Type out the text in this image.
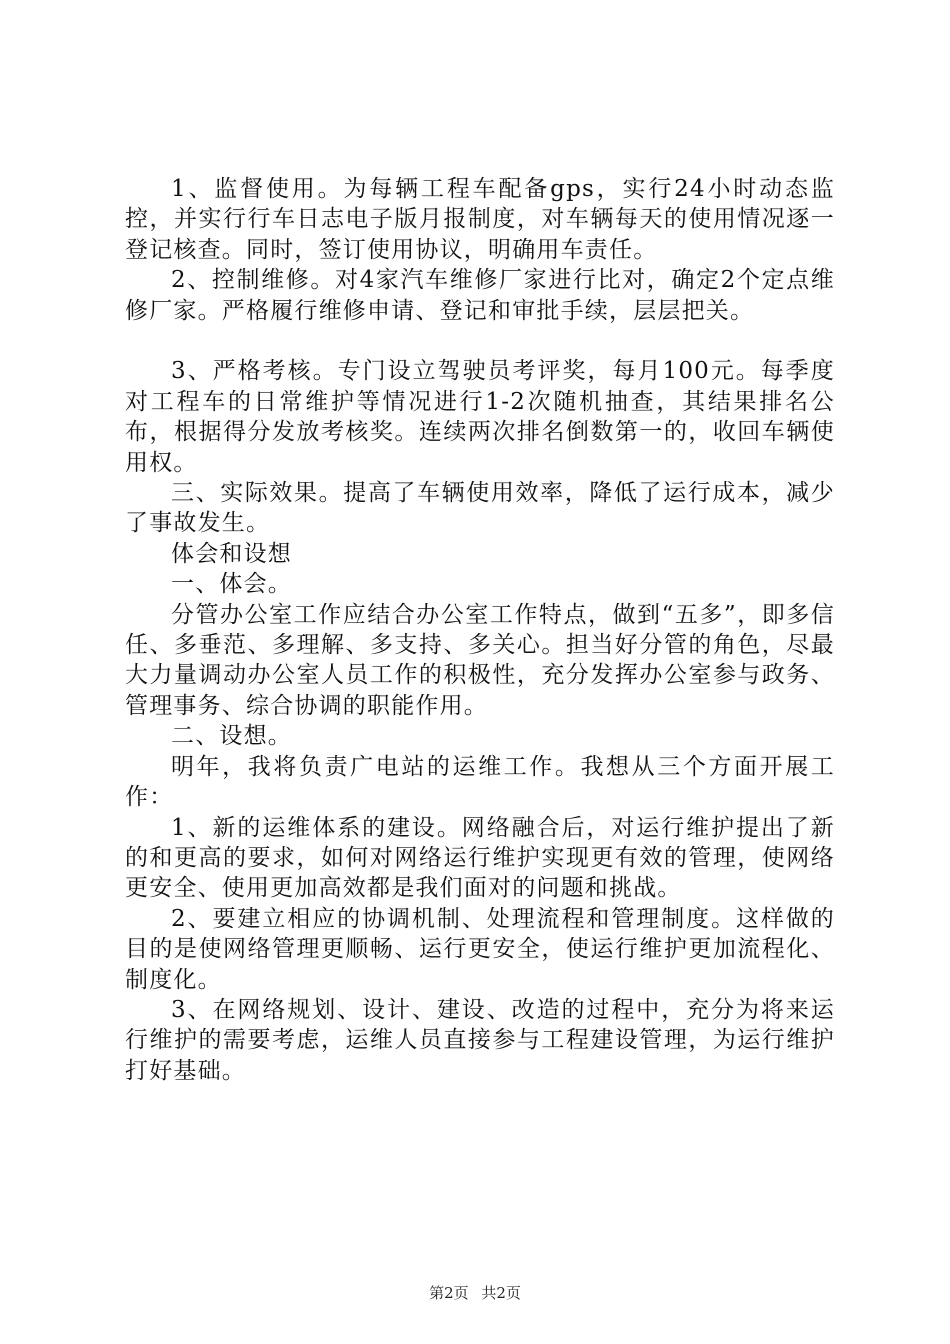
1、监督使用。为每辆工程车配备gps，实行24小时动态监控，并实行行车日志电子版月报制度，对车辆每天的使用情况逐一登记核查。同时，签订使用协议，明确用车责任。

2、控制维修。对4家汽车维修厂家进行比对，确定2个定点维修厂家。严格履行维修申请、登记和审批手续，层层把关。

3、严格考核。专门设立驾驶员考评奖，每月100元。每季度对工程车的日常维护等情况进行1-2次随机抽查，其结果排名公布，根据得分发放考核奖。连续两次排名倒数第一的，收回车辆使用权。

三、实际效果。提高了车辆使用效率，降低了运行成本，减少了事故发生。

体会和设想

一、体会。

分管办公室工作应结合办公室工作特点，做到“五多”，即多信任、多垂范、多理解、多支持、多关心。担当好分管的角色，尽最大力量调动办公室人员工作的积极性，充分发挥办公室参与政务、管理事务、综合协调的职能作用。

二、设想。

明年，我将负责广电站的运维工作。我想从三个方面开展工作：

1、新的运维体系的建设。网络融合后，对运行维护提出了新的和更高的要求，如何对网络运行维护实现更有效的管理，使网络更安全、使用更加高效都是我们面对的问题和挑战。

2、要建立相应的协调机制、处理流程和管理制度。这样做的目的是使网络管理更顺畅、运行更安全，使运行维护更加流程化、制度化。

3、在网络规划、设计、建设、改造的过程中，充分为将来运行维护的需要考虑，运维人员直接参与工程建设管理，为运行维护打好基础。

第2页 共2页
